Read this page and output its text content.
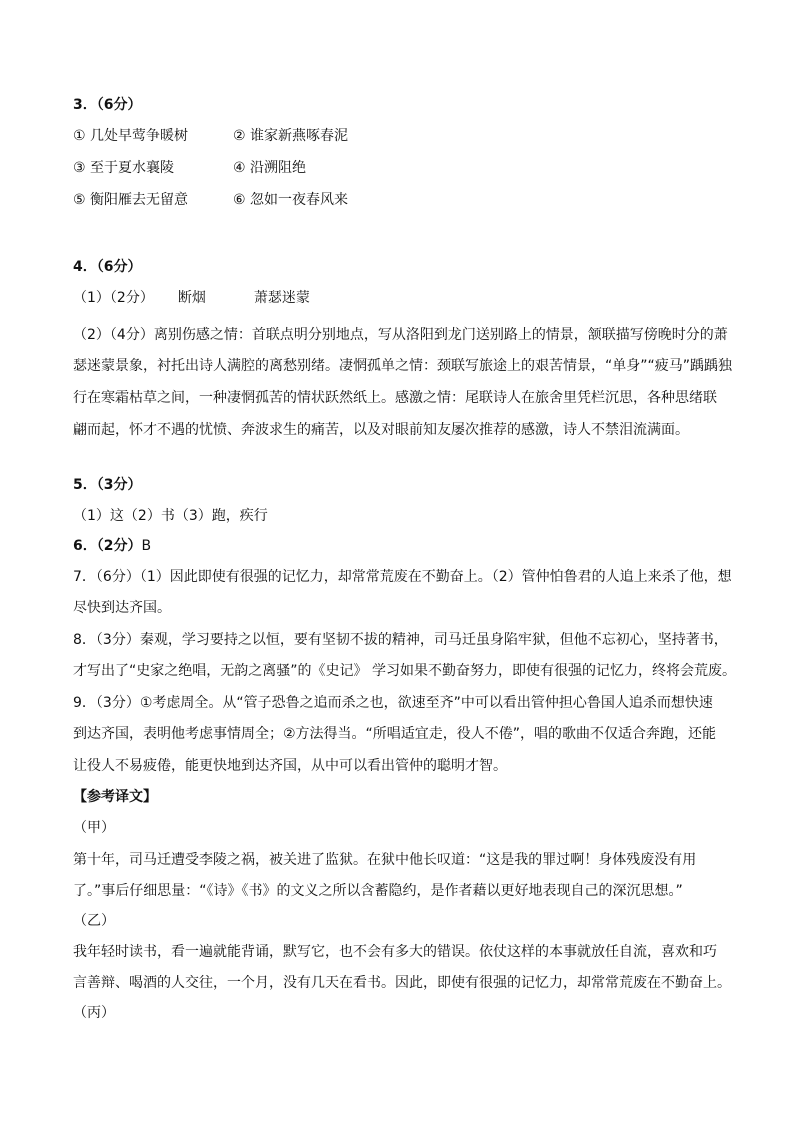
3．（6分）
① 几处早莺争暖树	② 谁家新燕啄春泥
③ 至于夏水襄陵	④ 沿溯阻绝
⑤ 衡阳雁去无留意	⑥ 忽如一夜春风来
4．（6分）
（1）（2分） 断烟	萧瑟迷蒙
（2）（4分）离别伤感之情：首联点明分别地点，写从洛阳到龙门送别路上的情景，颔联描写傍晚时分的萧
瑟迷蒙景象，衬托出诗人满腔的离愁别绪。凄惘孤单之情：颈联写旅途上的艰苦情景，“单身”“疲马”踽踽独
行在寒霜枯草之间，一种凄惘孤苦的情状跃然纸上。感激之情：尾联诗人在旅舍里凭栏沉思，各种思绪联
翩而起，怀才不遇的忧愤、奔波求生的痛苦，以及对眼前知友屡次推荐的感激，诗人不禁泪流满面。
5．（3分）
（1）这（2）书（3）跑，疾行
6．（2分）B
7．（6分）（1）因此即使有很强的记忆力，却常常荒废在不勤奋上。（2）管仲怕鲁君的人追上来杀了他，想
尽快到达齐国。
8．（3分）秦观，学习要持之以恒，要有坚韧不拔的精神，司马迁虽身陷牢狱，但他不忘初心，坚持著书，
才写出了“史家之绝唱，无韵之离骚”的《史记》 学习如果不勤奋努力，即使有很强的记忆力，终将会荒废。
9．（3分）①考虑周全。从“管子恐鲁之追而杀之也，欲速至齐”中可以看出管仲担心鲁国人追杀而想快速
到达齐国，表明他考虑事情周全；②方法得当。“所唱适宜走，役人不倦”，唱的歌曲不仅适合奔跑，还能
让役人不易疲倦，能更快地到达齐国，从中可以看出管仲的聪明才智。
【参考译文】
（甲）
第十年，司马迁遭受李陵之祸，被关进了监狱。在狱中他长叹道：“这是我的罪过啊！身体残废没有用
了。”事后仔细思量：“《诗》《书》的文义之所以含蓄隐约，是作者藉以更好地表现自己的深沉思想。”
（乙）
我年轻时读书，看一遍就能背诵，默写它，也不会有多大的错误。依仗这样的本事就放任自流，喜欢和巧
言善辩、喝酒的人交往，一个月，没有几天在看书。因此，即使有很强的记忆力，却常常荒废在不勤奋上。
（丙）
